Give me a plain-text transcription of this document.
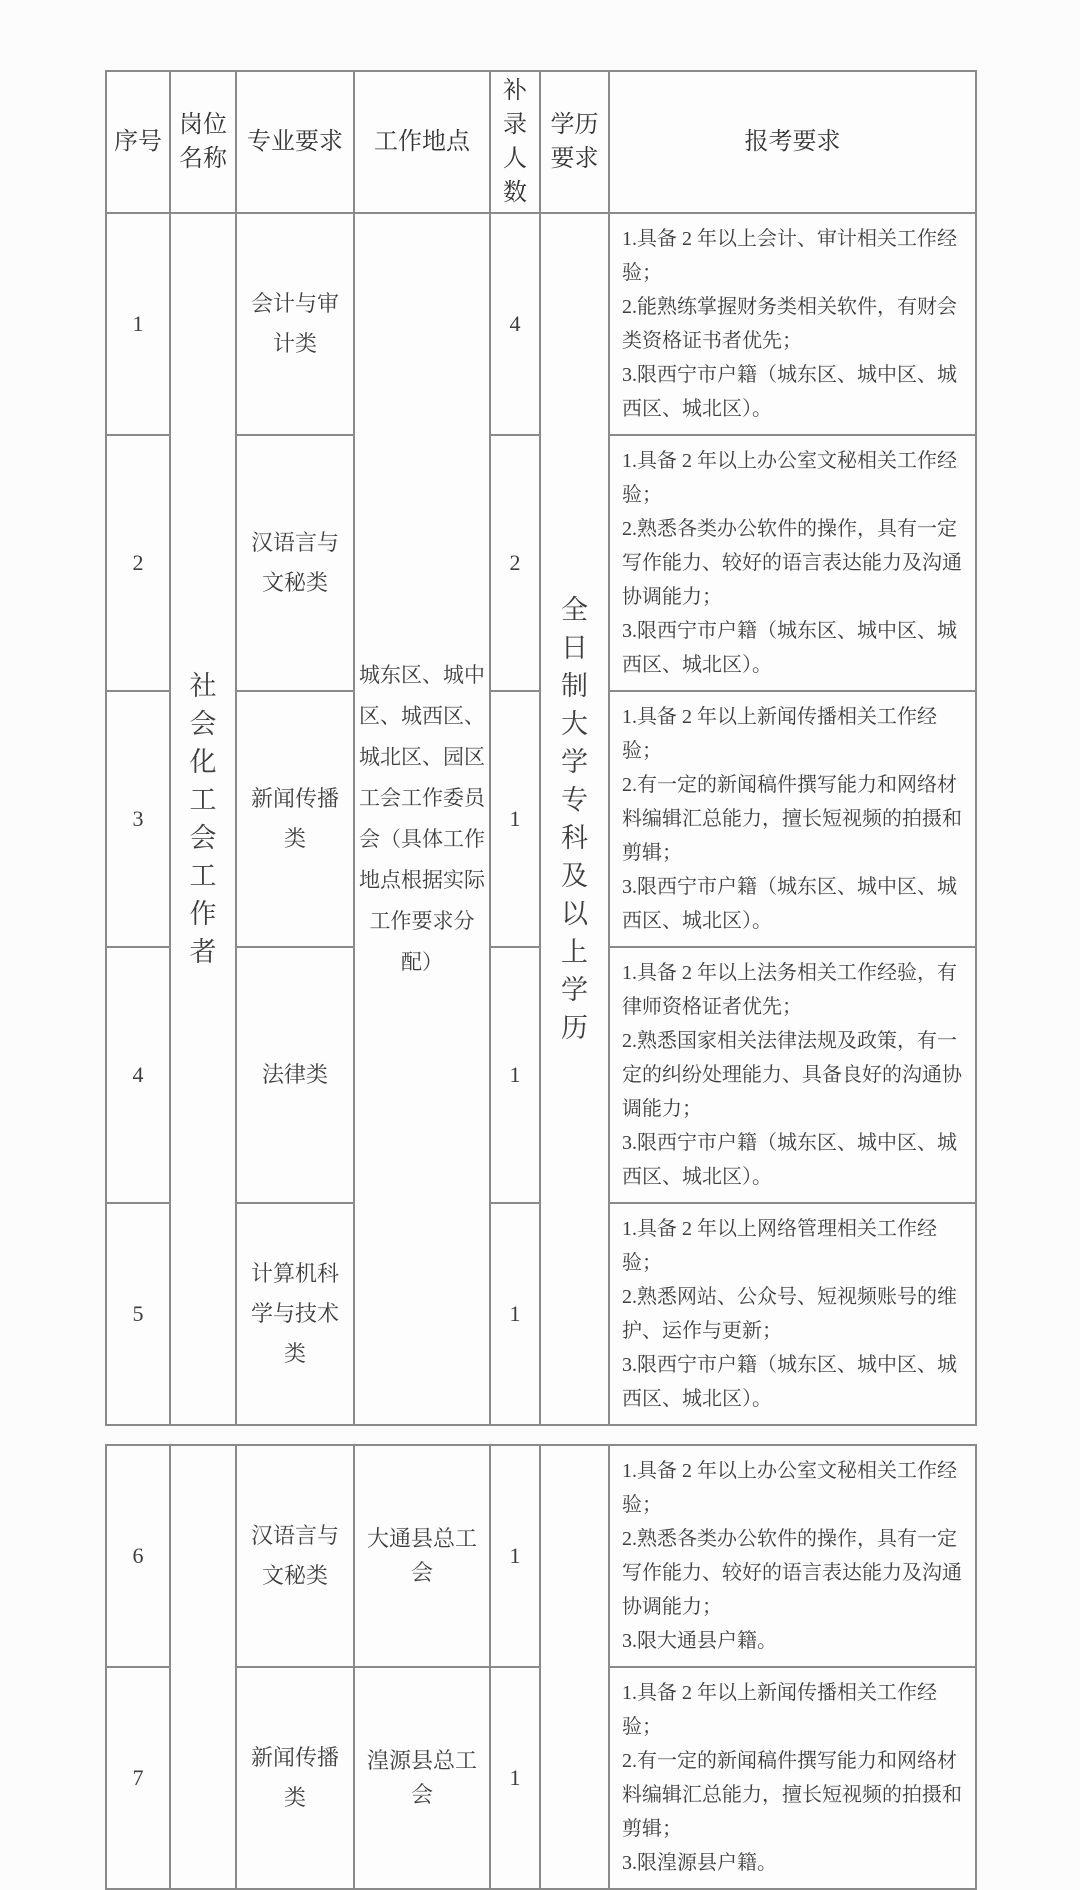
序号	岗位名称	专业要求	工作地点	补录人数	学历要求	报考要求
1	社会化工会工作者	会计与审计类	城东区、城中区、城西区、城北区、园区工会工作委员会（具体工作地点根据实际工作要求分配）	4	全日制大学专科及以上学历	1.具备 2 年以上会计、审计相关工作经验；
2.能熟练掌握财务类相关软件，有财会类资格证书者优先；
3.限西宁市户籍（城东区、城中区、城西区、城北区）。

2		汉语言与文秘类		2		1.具备 2 年以上办公室文秘相关工作经验；
2.熟悉各类办公软件的操作，具有一定写作能力、较好的语言表达能力及沟通协调能力；
3.限西宁市户籍（城东区、城中区、城西区、城北区）。

3		新闻传播类		1		1.具备 2 年以上新闻传播相关工作经验；
2.有一定的新闻稿件撰写能力和网络材料编辑汇总能力，擅长短视频的拍摄和剪辑；
3.限西宁市户籍（城东区、城中区、城西区、城北区）。

4		法律类		1		1.具备 2 年以上法务相关工作经验，有律师资格证者优先；
2.熟悉国家相关法律法规及政策，有一定的纠纷处理能力、具备良好的沟通协调能力；
3.限西宁市户籍（城东区、城中区、城西区、城北区）。

5		计算机科学与技术类		1		1.具备 2 年以上网络管理相关工作经验；
2.熟悉网站、公众号、短视频账号的维护、运作与更新；
3.限西宁市户籍（城东区、城中区、城西区、城北区）。
6		汉语言与文秘类	大通县总工会	1		1.具备 2 年以上办公室文秘相关工作经验；
2.熟悉各类办公软件的操作，具有一定写作能力、较好的语言表达能力及沟通协调能力；
3.限大通县户籍。

7		新闻传播类	湟源县总工会	1		1.具备 2 年以上新闻传播相关工作经验；
2.有一定的新闻稿件撰写能力和网络材料编辑汇总能力，擅长短视频的拍摄和剪辑；
3.限湟源县户籍。
